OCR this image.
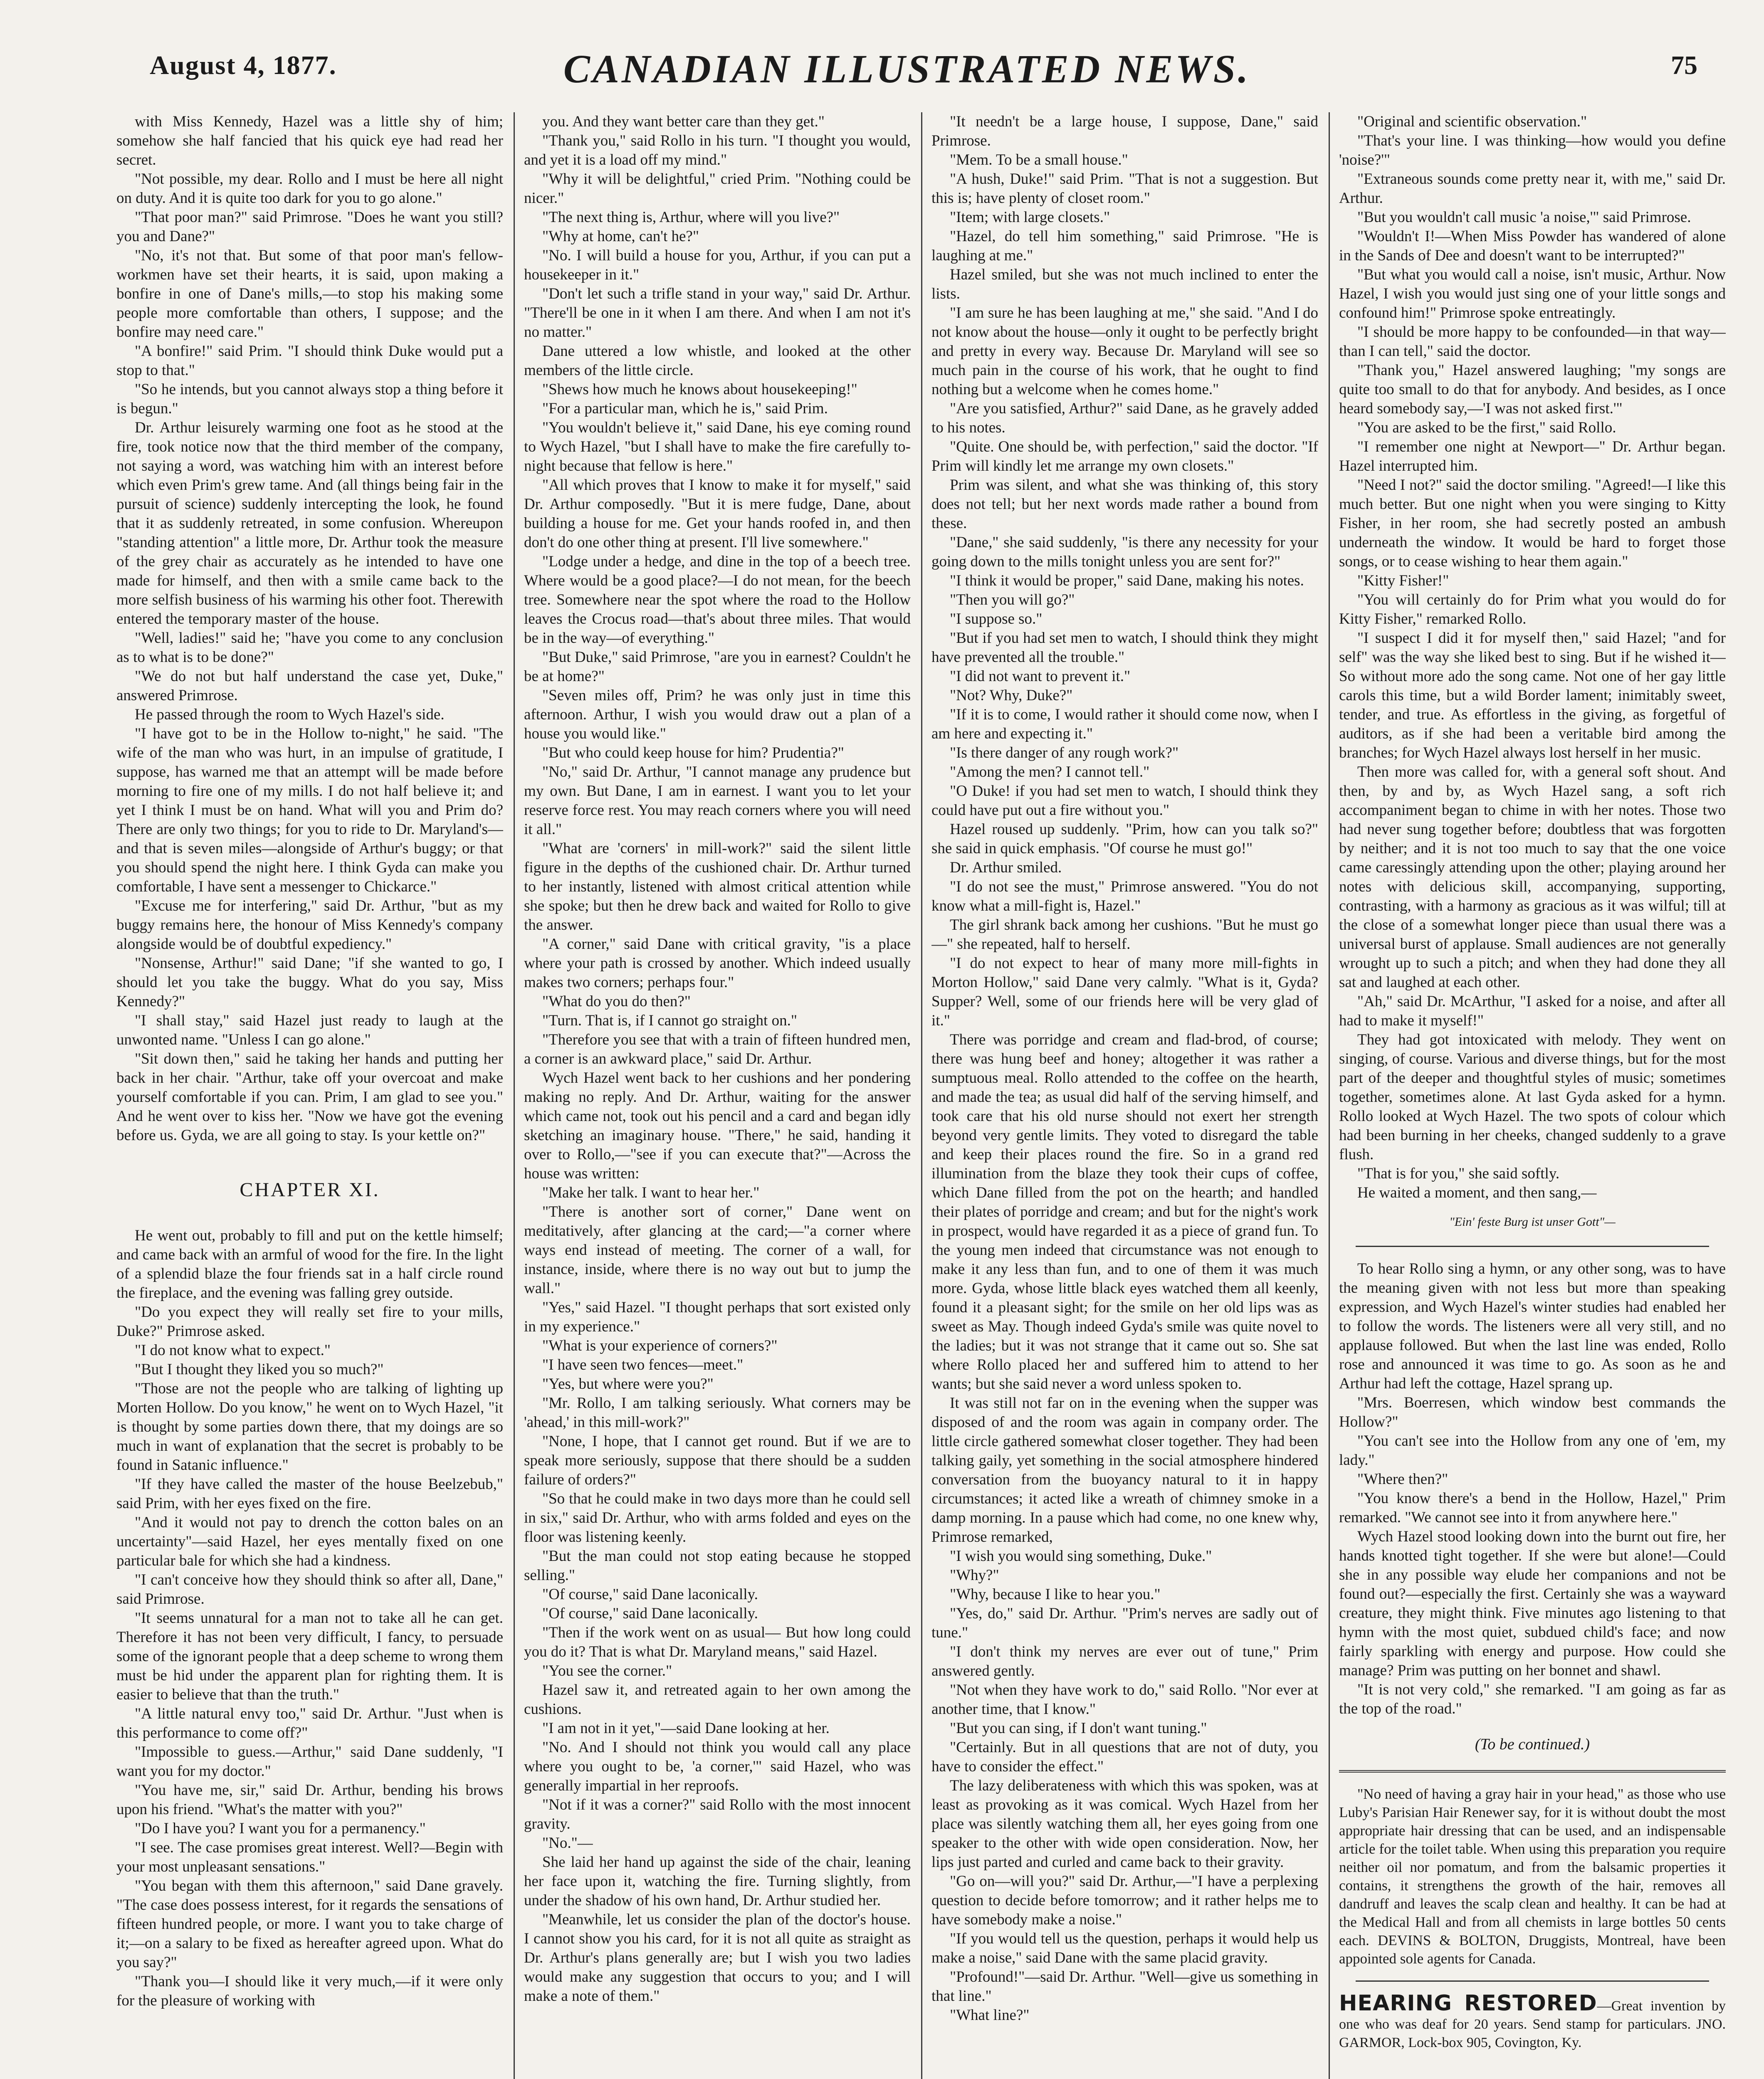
August 4, 1877.	CANADIAN ILLUSTRATED NEWS.	75

with Miss Kennedy, Hazel was a little shy of him; somehow she half fancied that his quick eye had read her secret.

"Not possible, my dear. Rollo and I must be here all night on duty. And it is quite too dark for you to go alone."

"That poor man?" said Primrose. "Does he want you still? you and Dane?"

"No, it's not that. But some of that poor man's fellow-workmen have set their hearts, it is said, upon making a bonfire in one of Dane's mills,—to stop his making some people more comfortable than others, I suppose; and the bonfire may need care."

"A bonfire!" said Prim. "I should think Duke would put a stop to that."

"So he intends, but you cannot always stop a thing before it is begun."

Dr. Arthur leisurely warming one foot as he stood at the fire, took notice now that the third member of the company, not saying a word, was watching him with an interest before which even Prim's grew tame. And (all things being fair in the pursuit of science) suddenly intercepting the look, he found that it as suddenly retreated, in some confusion. Whereupon "standing attention" a little more, Dr. Arthur took the measure of the grey chair as accurately as he intended to have one made for himself, and then with a smile came back to the more selfish business of his warming his other foot. Therewith entered the temporary master of the house.

"Well, ladies!" said he; "have you come to any conclusion as to what is to be done?"

"We do not but half understand the case yet, Duke," answered Primrose.

He passed through the room to Wych Hazel's side.

"I have got to be in the Hollow to-night," he said. "The wife of the man who was hurt, in an impulse of gratitude, I suppose, has warned me that an attempt will be made before morning to fire one of my mills. I do not half believe it; and yet I think I must be on hand. What will you and Prim do? There are only two things; for you to ride to Dr. Maryland's—and that is seven miles—alongside of Arthur's buggy; or that you should spend the night here. I think Gyda can make you comfortable, I have sent a messenger to Chickarce."

"Excuse me for interfering," said Dr. Arthur, "but as my buggy remains here, the honour of Miss Kennedy's company alongside would be of doubtful expediency."

"Nonsense, Arthur!" said Dane; "if she wanted to go, I should let you take the buggy. What do you say, Miss Kennedy?"

"I shall stay," said Hazel just ready to laugh at the unwonted name. "Unless I can go alone."

"Sit down then," said he taking her hands and putting her back in her chair. "Arthur, take off your overcoat and make yourself comfortable if you can. Prim, I am glad to see you." And he went over to kiss her. "Now we have got the evening before us. Gyda, we are all going to stay. Is your kettle on?"

CHAPTER XI.

He went out, probably to fill and put on the kettle himself; and came back with an armful of wood for the fire. In the light of a splendid blaze the four friends sat in a half circle round the fireplace, and the evening was falling grey outside.

"Do you expect they will really set fire to your mills, Duke?" Primrose asked.

"I do not know what to expect."

"But I thought they liked you so much?"

"Those are not the people who are talking of lighting up Morten Hollow. Do you know," he went on to Wych Hazel, "it is thought by some parties down there, that my doings are so much in want of explanation that the secret is probably to be found in Satanic influence."

"If they have called the master of the house Beelzebub," said Prim, with her eyes fixed on the fire.

"And it would not pay to drench the cotton bales on an uncertainty"—said Hazel, her eyes mentally fixed on one particular bale for which she had a kindness.

"I can't conceive how they should think so after all, Dane," said Primrose.

"It seems unnatural for a man not to take all he can get. Therefore it has not been very difficult, I fancy, to persuade some of the ignorant people that a deep scheme to wrong them must be hid under the apparent plan for righting them. It is easier to believe that than the truth."

"A little natural envy too," said Dr. Arthur. "Just when is this performance to come off?"

"Impossible to guess.—Arthur," said Dane suddenly, "I want you for my doctor."

"You have me, sir," said Dr. Arthur, bending his brows upon his friend. "What's the matter with you?"

"Do I have you? I want you for a permanency."

"I see. The case promises great interest. Well?—Begin with your most unpleasant sensations."

"You began with them this afternoon," said Dane gravely. "The case does possess interest, for it regards the sensations of fifteen hundred people, or more. I want you to take charge of it;—on a salary to be fixed as hereafter agreed upon. What do you say?"

"Thank you—I should like it very much,—if it were only for the pleasure of working with

you. And they want better care than they get."

"Thank you," said Rollo in his turn. "I thought you would, and yet it is a load off my mind."

"Why it will be delightful," cried Prim. "Nothing could be nicer."

"The next thing is, Arthur, where will you live?"

"Why at home, can't he?"

"No. I will build a house for you, Arthur, if you can put a housekeeper in it."

"Don't let such a trifle stand in your way," said Dr. Arthur. "There'll be one in it when I am there. And when I am not it's no matter."

Dane uttered a low whistle, and looked at the other members of the little circle.

"Shews how much he knows about housekeeping!"

"For a particular man, which he is," said Prim.

"You wouldn't believe it," said Dane, his eye coming round to Wych Hazel, "but I shall have to make the fire carefully to-night because that fellow is here."

"All which proves that I know to make it for myself," said Dr. Arthur composedly. "But it is mere fudge, Dane, about building a house for me. Get your hands roofed in, and then don't do one other thing at present. I'll live somewhere."

"Lodge under a hedge, and dine in the top of a beech tree. Where would be a good place?—I do not mean, for the beech tree. Somewhere near the spot where the road to the Hollow leaves the Crocus road—that's about three miles. That would be in the way—of everything."

"But Duke," said Primrose, "are you in earnest? Couldn't he be at home?"

"Seven miles off, Prim? he was only just in time this afternoon. Arthur, I wish you would draw out a plan of a house you would like."

"But who could keep house for him? Prudentia?"

"No," said Dr. Arthur, "I cannot manage any prudence but my own. But Dane, I am in earnest. I want you to let your reserve force rest. You may reach corners where you will need it all."

"What are 'corners' in mill-work?" said the silent little figure in the depths of the cushioned chair. Dr. Arthur turned to her instantly, listened with almost critical attention while she spoke; but then he drew back and waited for Rollo to give the answer.

"A corner," said Dane with critical gravity, "is a place where your path is crossed by another. Which indeed usually makes two corners; perhaps four."

"What do you do then?"

"Turn. That is, if I cannot go straight on."

"Therefore you see that with a train of fifteen hundred men, a corner is an awkward place," said Dr. Arthur.

Wych Hazel went back to her cushions and her pondering making no reply. And Dr. Arthur, waiting for the answer which came not, took out his pencil and a card and began idly sketching an imaginary house. "There," he said, handing it over to Rollo,—"see if you can execute that?"—Across the house was written:

"Make her talk. I want to hear her."

"There is another sort of corner," Dane went on meditatively, after glancing at the card;—"a corner where ways end instead of meeting. The corner of a wall, for instance, inside, where there is no way out but to jump the wall."

"Yes," said Hazel. "I thought perhaps that sort existed only in my experience."

"What is your experience of corners?"

"I have seen two fences—meet."

"Yes, but where were you?"

"Mr. Rollo, I am talking seriously. What corners may be 'ahead,' in this mill-work?"

"None, I hope, that I cannot get round. But if we are to speak more seriously, suppose that there should be a sudden failure of orders?"

"So that he could make in two days more than he could sell in six," said Dr. Arthur, who with arms folded and eyes on the floor was listening keenly.

"But the man could not stop eating because he stopped selling."

"Of course," said Dane laconically.

"Of course," said Dane laconically.

"Then if the work went on as usual— But how long could you do it? That is what Dr. Maryland means," said Hazel.

"You see the corner."

Hazel saw it, and retreated again to her own among the cushions.

"I am not in it yet,"—said Dane looking at her.

"No. And I should not think you would call any place where you ought to be, 'a corner,'" said Hazel, who was generally impartial in her reproofs.

"Not if it was a corner?" said Rollo with the most innocent gravity.

"No."—

She laid her hand up against the side of the chair, leaning her face upon it, watching the fire. Turning slightly, from under the shadow of his own hand, Dr. Arthur studied her.

"Meanwhile, let us consider the plan of the doctor's house. I cannot show you his card, for it is not all quite as straight as Dr. Arthur's plans generally are; but I wish you two ladies would make any suggestion that occurs to you; and I will make a note of them."

"It needn't be a large house, I suppose, Dane," said Primrose.

"Mem. To be a small house."

"A hush, Duke!" said Prim. "That is not a suggestion. But this is; have plenty of closet room."

"Item; with large closets."

"Hazel, do tell him something," said Primrose. "He is laughing at me."

Hazel smiled, but she was not much inclined to enter the lists.

"I am sure he has been laughing at me," she said. "And I do not know about the house—only it ought to be perfectly bright and pretty in every way. Because Dr. Maryland will see so much pain in the course of his work, that he ought to find nothing but a welcome when he comes home."

"Are you satisfied, Arthur?" said Dane, as he gravely added to his notes.

"Quite. One should be, with perfection," said the doctor. "If Prim will kindly let me arrange my own closets."

Prim was silent, and what she was thinking of, this story does not tell; but her next words made rather a bound from these.

"Dane," she said suddenly, "is there any necessity for your going down to the mills tonight unless you are sent for?"

"I think it would be proper," said Dane, making his notes.

"Then you will go?"

"I suppose so."

"But if you had set men to watch, I should think they might have prevented all the trouble."

"I did not want to prevent it."

"Not? Why, Duke?"

"If it is to come, I would rather it should come now, when I am here and expecting it."

"Is there danger of any rough work?"

"Among the men? I cannot tell."

"O Duke! if you had set men to watch, I should think they could have put out a fire without you."

Hazel roused up suddenly. "Prim, how can you talk so?" she said in quick emphasis. "Of course he must go!"

Dr. Arthur smiled.

"I do not see the must," Primrose answered. "You do not know what a mill-fight is, Hazel."

The girl shrank back among her cushions. "But he must go—" she repeated, half to herself.

"I do not expect to hear of many more mill-fights in Morton Hollow," said Dane very calmly. "What is it, Gyda? Supper? Well, some of our friends here will be very glad of it."

There was porridge and cream and flad-brod, of course; there was hung beef and honey; altogether it was rather a sumptuous meal. Rollo attended to the coffee on the hearth, and made the tea; as usual did half of the serving himself, and took care that his old nurse should not exert her strength beyond very gentle limits. They voted to disregard the table and keep their places round the fire. So in a grand red illumination from the blaze they took their cups of coffee, which Dane filled from the pot on the hearth; and handled their plates of porridge and cream; and but for the night's work in prospect, would have regarded it as a piece of grand fun. To the young men indeed that circumstance was not enough to make it any less than fun, and to one of them it was much more. Gyda, whose little black eyes watched them all keenly, found it a pleasant sight; for the smile on her old lips was as sweet as May. Though indeed Gyda's smile was quite novel to the ladies; but it was not strange that it came out so. She sat where Rollo placed her and suffered him to attend to her wants; but she said never a word unless spoken to.

It was still not far on in the evening when the supper was disposed of and the room was again in company order. The little circle gathered somewhat closer together. They had been talking gaily, yet something in the social atmosphere hindered conversation from the buoyancy natural to it in happy circumstances; it acted like a wreath of chimney smoke in a damp morning. In a pause which had come, no one knew why, Primrose remarked,

"I wish you would sing something, Duke."

"Why?"

"Why, because I like to hear you."

"Yes, do," said Dr. Arthur. "Prim's nerves are sadly out of tune."

"I don't think my nerves are ever out of tune," Prim answered gently.

"Not when they have work to do," said Rollo. "Nor ever at another time, that I know."

"But you can sing, if I don't want tuning."

"Certainly. But in all questions that are not of duty, you have to consider the effect."

The lazy deliberateness with which this was spoken, was at least as provoking as it was comical. Wych Hazel from her place was silently watching them all, her eyes going from one speaker to the other with wide open consideration. Now, her lips just parted and curled and came back to their gravity.

"Go on—will you?" said Dr. Arthur,—"I have a perplexing question to decide before tomorrow; and it rather helps me to have somebody make a noise."

"If you would tell us the question, perhaps it would help us make a noise," said Dane with the same placid gravity.

"Profound!"—said Dr. Arthur. "Well—give us something in that line."

"What line?"

"Original and scientific observation."

"That's your line. I was thinking—how would you define 'noise?'"

"Extraneous sounds come pretty near it, with me," said Dr. Arthur.

"But you wouldn't call music 'a noise,'" said Primrose.

"Wouldn't I!—When Miss Powder has wandered of alone in the Sands of Dee and doesn't want to be interrupted?"

"But what you would call a noise, isn't music, Arthur. Now Hazel, I wish you would just sing one of your little songs and confound him!" Primrose spoke entreatingly.

"I should be more happy to be confounded—in that way—than I can tell," said the doctor.

"Thank you," Hazel answered laughing; "my songs are quite too small to do that for anybody. And besides, as I once heard somebody say,—'I was not asked first.'"

"You are asked to be the first," said Rollo.

"I remember one night at Newport—" Dr. Arthur began. Hazel interrupted him.

"Need I not?" said the doctor smiling. "Agreed!—I like this much better. But one night when you were singing to Kitty Fisher, in her room, she had secretly posted an ambush underneath the window. It would be hard to forget those songs, or to cease wishing to hear them again."

"Kitty Fisher!"

"You will certainly do for Prim what you would do for Kitty Fisher," remarked Rollo.

"I suspect I did it for myself then," said Hazel; "and for self" was the way she liked best to sing. But if he wished it— So without more ado the song came. Not one of her gay little carols this time, but a wild Border lament; inimitably sweet, tender, and true. As effortless in the giving, as forgetful of auditors, as if she had been a veritable bird among the branches; for Wych Hazel always lost herself in her music.

Then more was called for, with a general soft shout. And then, by and by, as Wych Hazel sang, a soft rich accompaniment began to chime in with her notes. Those two had never sung together before; doubtless that was forgotten by neither; and it is not too much to say that the one voice came caressingly attending upon the other; playing around her notes with delicious skill, accompanying, supporting, contrasting, with a harmony as gracious as it was wilful; till at the close of a somewhat longer piece than usual there was a universal burst of applause. Small audiences are not generally wrought up to such a pitch; and when they had done they all sat and laughed at each other.

"Ah," said Dr. McArthur, "I asked for a noise, and after all had to make it myself!"

They had got intoxicated with melody. They went on singing, of course. Various and diverse things, but for the most part of the deeper and thoughtful styles of music; sometimes together, sometimes alone. At last Gyda asked for a hymn. Rollo looked at Wych Hazel. The two spots of colour which had been burning in her cheeks, changed suddenly to a grave flush.

"That is for you," she said softly.

He waited a moment, and then sang,—

"Ein' feste Burg ist unser Gott"—

To hear Rollo sing a hymn, or any other song, was to have the meaning given with not less but more than speaking expression, and Wych Hazel's winter studies had enabled her to follow the words. The listeners were all very still, and no applause followed. But when the last line was ended, Rollo rose and announced it was time to go. As soon as he and Arthur had left the cottage, Hazel sprang up.

"Mrs. Boerresen, which window best commands the Hollow?"

"You can't see into the Hollow from any one of 'em, my lady."

"Where then?"

"You know there's a bend in the Hollow, Hazel," Prim remarked. "We cannot see into it from anywhere here."

Wych Hazel stood looking down into the burnt out fire, her hands knotted tight together. If she were but alone!—Could she in any possible way elude her companions and not be found out?—especially the first. Certainly she was a wayward creature, they might think. Five minutes ago listening to that hymn with the most quiet, subdued child's face; and now fairly sparkling with energy and purpose. How could she manage? Prim was putting on her bonnet and shawl.

"It is not very cold," she remarked. "I am going as far as the top of the road."

(To be continued.)

"No need of having a gray hair in your head," as those who use Luby's Parisian Hair Renewer say, for it is without doubt the most appropriate hair dressing that can be used, and an indispensable article for the toilet table. When using this preparation you require neither oil nor pomatum, and from the balsamic properties it contains, it strengthens the growth of the hair, removes all dandruff and leaves the scalp clean and healthy. It can be had at the Medical Hall and from all chemists in large bottles 50 cents each. DEVINS & BOLTON, Druggists, Montreal, have been appointed sole agents for Canada.

HEARING RESTORED—Great invention by one who was deaf for 20 years. Send stamp for particulars. JNO. GARMOR, Lock-box 905, Covington, Ky.
